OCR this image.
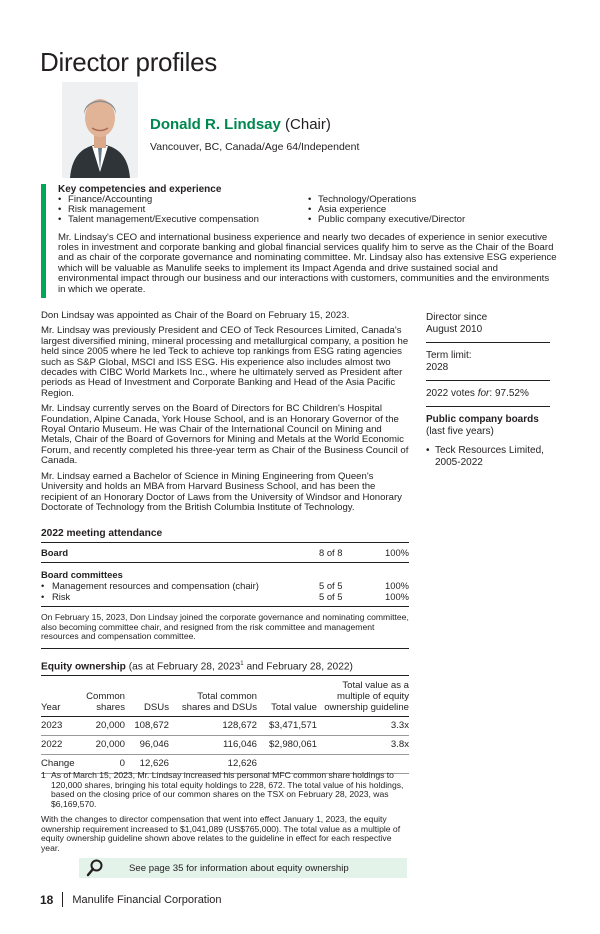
Director profiles
Donald R. Lindsay (Chair)
Vancouver, BC, Canada/Age 64/Independent
Key competencies and experience
• Finance/Accounting
• Risk management
• Talent management/Executive compensation
• Technology/Operations
• Asia experience
• Public company executive/Director
Mr. Lindsay's CEO and international business experience and nearly two decades of experience in senior executive roles in investment and corporate banking and global financial services qualify him to serve as the Chair of the Board and as chair of the corporate governance and nominating committee. Mr. Lindsay also has extensive ESG experience which will be valuable as Manulife seeks to implement its Impact Agenda and drive sustained social and environmental impact through our business and our interactions with customers, communities and the environments in which we operate.

Don Lindsay was appointed as Chair of the Board on February 15, 2023.

Mr. Lindsay was previously President and CEO of Teck Resources Limited, Canada's largest diversified mining, mineral processing and metallurgical company, a position he held since 2005 where he led Teck to achieve top rankings from ESG rating agencies such as S&P Global, MSCI and ISS ESG. His experience also includes almost two decades with CIBC World Markets Inc., where he ultimately served as President after periods as Head of Investment and Corporate Banking and Head of the Asia Pacific Region.

Mr. Lindsay currently serves on the Board of Directors for BC Children's Hospital Foundation, Alpine Canada, York House School, and is an Honorary Governor of the Royal Ontario Museum. He was Chair of the International Council on Mining and Metals, Chair of the Board of Governors for Mining and Metals at the World Economic Forum, and recently completed his three-year term as Chair of the Business Council of Canada.

Mr. Lindsay earned a Bachelor of Science in Mining Engineering from Queen's University and holds an MBA from Harvard Business School, and has been the recipient of an Honorary Doctor of Laws from the University of Windsor and Honorary Doctorate of Technology from the British Columbia Institute of Technology.

Director since
August 2010
Term limit:
2028
2022 votes for: 97.52%
Public company boards
(last five years)
• Teck Resources Limited, 2005-2022
2022 meeting attendance
Board	8 of 8	100%
Board committees
• Management resources and compensation (chair)	5 of 5	100%
• Risk	5 of 5	100%
On February 15, 2023, Don Lindsay joined the corporate governance and nominating committee, also becoming committee chair, and resigned from the risk committee and management resources and compensation committee.
Equity ownership (as at February 28, 2023$^1$ and February 28, 2022)
Year	Common shares	DSUs	Total common shares and DSUs	Total value	Total value as a multiple of equity ownership guideline
2023	20,000	108,672	128,672	$3,471,571	3.3x
2022	20,000	96,046	116,046	$2,980,061	3.8x
Change	0	12,626	12,626		
1 As of March 15, 2023, Mr. Lindsay increased his personal MFC common share holdings to 120,000 shares, bringing his total equity holdings to 228, 672. The total value of his holdings, based on the closing price of our common shares on the TSX on February 28, 2023, was $6,169,570.
With the changes to director compensation that went into effect January 1, 2023, the equity ownership requirement increased to $1,041,089 (US$765,000). The total value as a multiple of equity ownership guideline shown above relates to the guideline in effect for each respective year.
See page 35 for information about equity ownership
18 Manulife Financial Corporation
